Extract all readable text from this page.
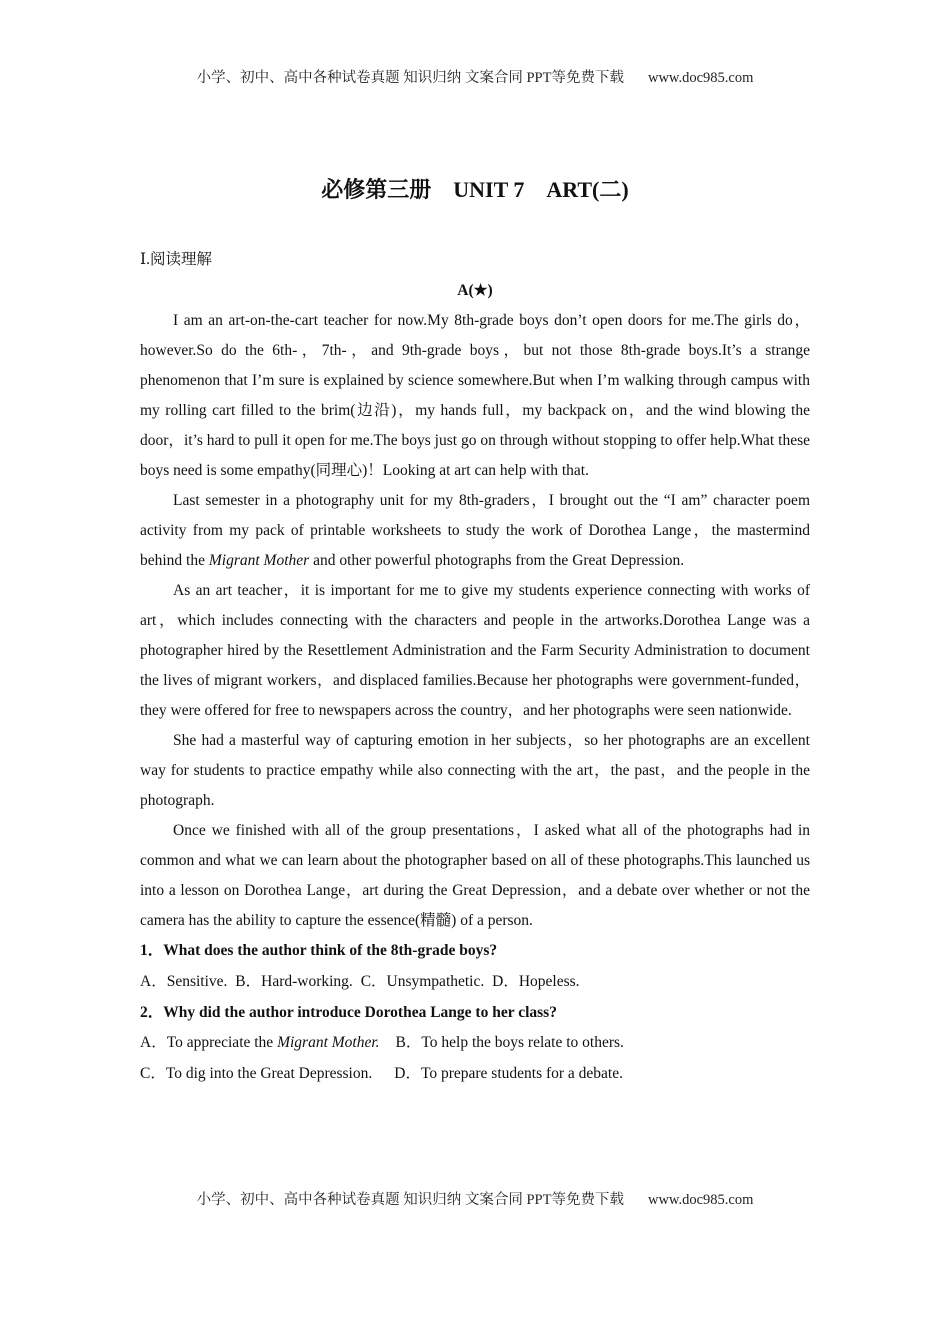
小学、初中、高中各种试卷真题 知识归纳 文案合同 PPT等免费下载 www.doc985.com
必修第三册　UNIT 7　ART(二)
Ⅰ.阅读理解
A(★)

I am an art-on-the-cart teacher for now.My 8th-grade boys don’t open doors for me.The girls do，however.So do the 6th-，7th-，and 9th-grade boys，but not those 8th-grade boys.It’s a strange phenomenon that I’m sure is explained by science somewhere.But when I’m walking through campus with my rolling cart filled to the brim(边沿)，my hands full，my backpack on，and the wind blowing the door，it’s hard to pull it open for me.The boys just go on through without stopping to offer help.What these boys need is some empathy(同理心)！Looking at art can help with that.

Last semester in a photography unit for my 8th-graders，I brought out the “I am” character poem activity from my pack of printable worksheets to study the work of Dorothea Lange，the mastermind behind the Migrant Mother and other powerful photographs from the Great Depression.

As an art teacher，it is important for me to give my students experience connecting with works of art，which includes connecting with the characters and people in the artworks.Dorothea Lange was a photographer hired by the Resettlement Administration and the Farm Security Administration to document the lives of migrant workers，and displaced families.Because her photographs were government-funded，they were offered for free to newspapers across the country，and her photographs were seen nationwide.

She had a masterful way of capturing emotion in her subjects，so her photographs are an excellent way for students to practice empathy while also connecting with the art，the past，and the people in the photograph.

Once we finished with all of the group presentations，I asked what all of the photographs had in common and what we can learn about the photographer based on all of these photographs.This launched us into a lesson on Dorothea Lange，art during the Great Depression，and a debate over whether or not the camera has the ability to capture the essence(精髓) of a person.

1．What does the author think of the 8th-grade boys?
A．Sensitive. B．Hard-working. C．Unsympathetic. D．Hopeless.
2．Why did the author introduce Dorothea Lange to her class?
A．To appreciate the Migrant Mother. B．To help the boys relate to others.
C．To dig into the Great Depression. D．To prepare students for a debate.
小学、初中、高中各种试卷真题 知识归纳 文案合同 PPT等免费下载 www.doc985.com
